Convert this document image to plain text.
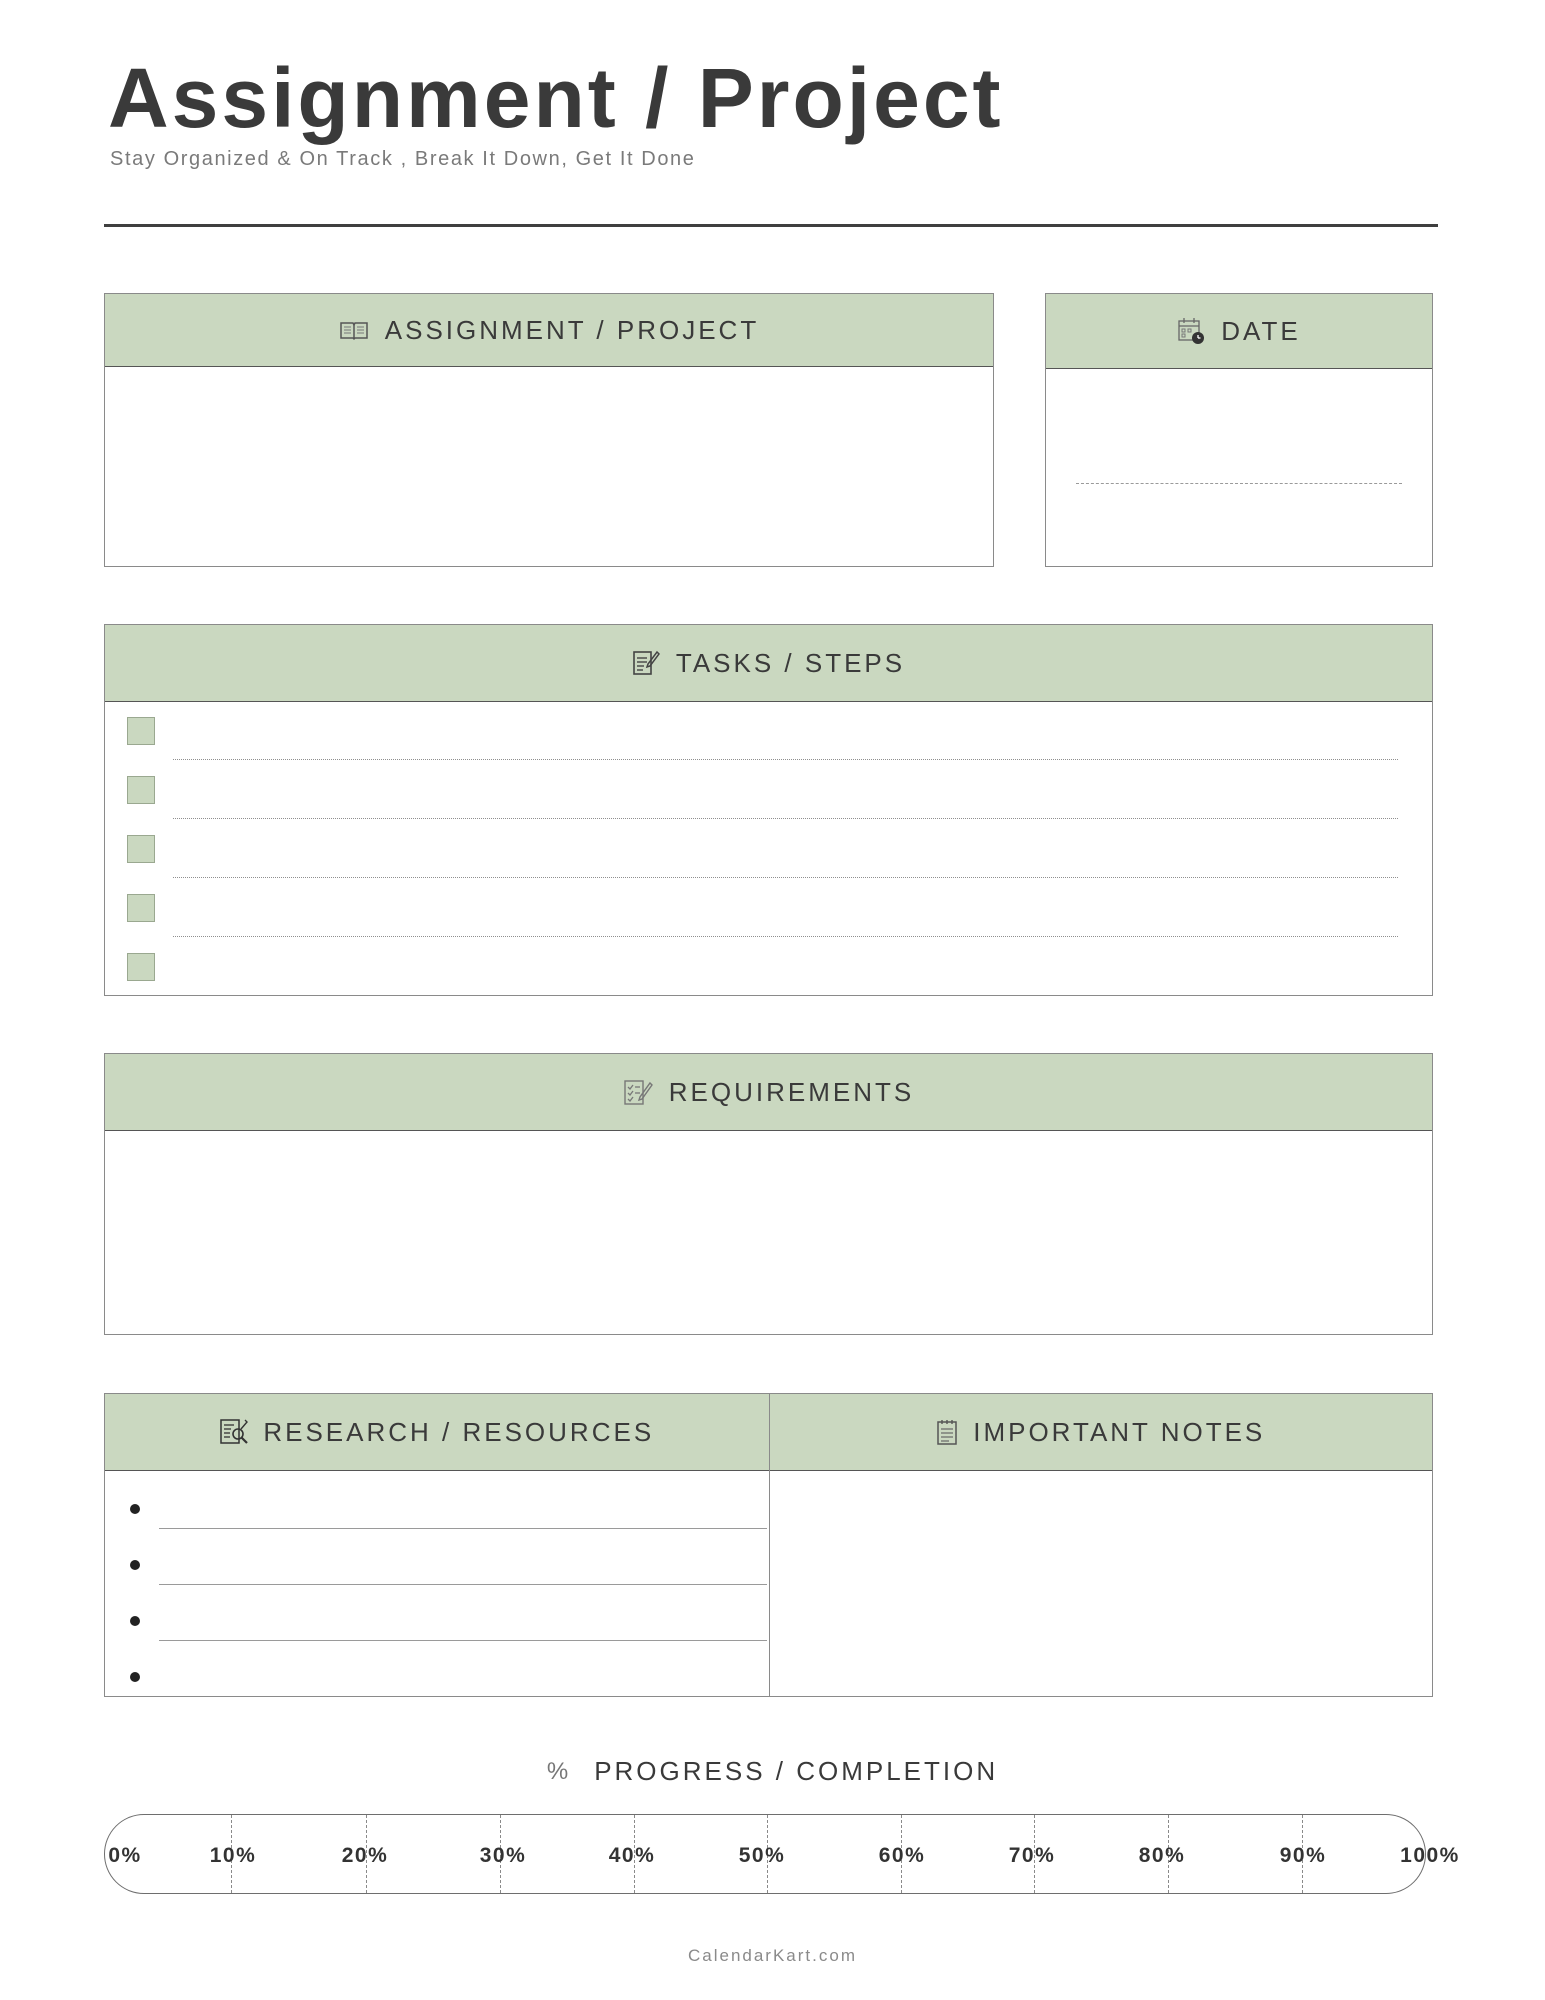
Assignment / Project
Stay Organized & On Track , Break It Down, Get It Done
ASSIGNMENT / PROJECT	DATE
TASKS / STEPS
REQUIREMENTS
RESEARCH / RESOURCES	IMPORTANT NOTES
% PROGRESS / COMPLETION
0%	10%	20%	30%	40%	50%	60%	70%	80%	90%	100%
CalendarKart.com
